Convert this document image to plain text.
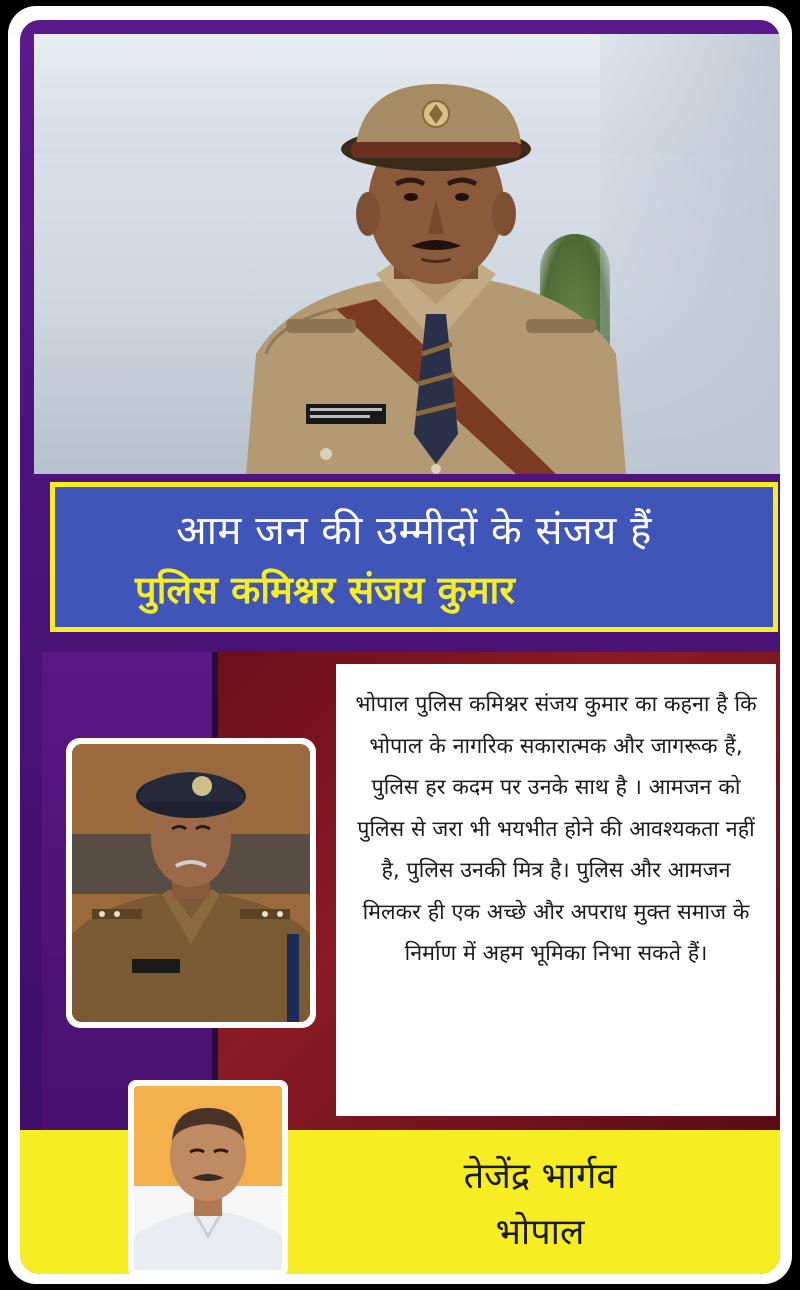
आम जन की उम्मीदों के संजय हैं
पुलिस कमिश्नर संजय कुमार

भोपाल पुलिस कमिश्नर संजय कुमार का कहना है कि भोपाल के नागरिक सकारात्मक और जागरूक हैं, पुलिस हर कदम पर उनके साथ है । आमजन को पुलिस से जरा भी भयभीत होने की आवश्यकता नहीं है, पुलिस उनकी मित्र है। पुलिस और आमजन मिलकर ही एक अच्छे और अपराध मुक्त समाज के निर्माण में अहम भूमिका निभा सकते हैं।

तेजेंद्र भार्गव
भोपाल
